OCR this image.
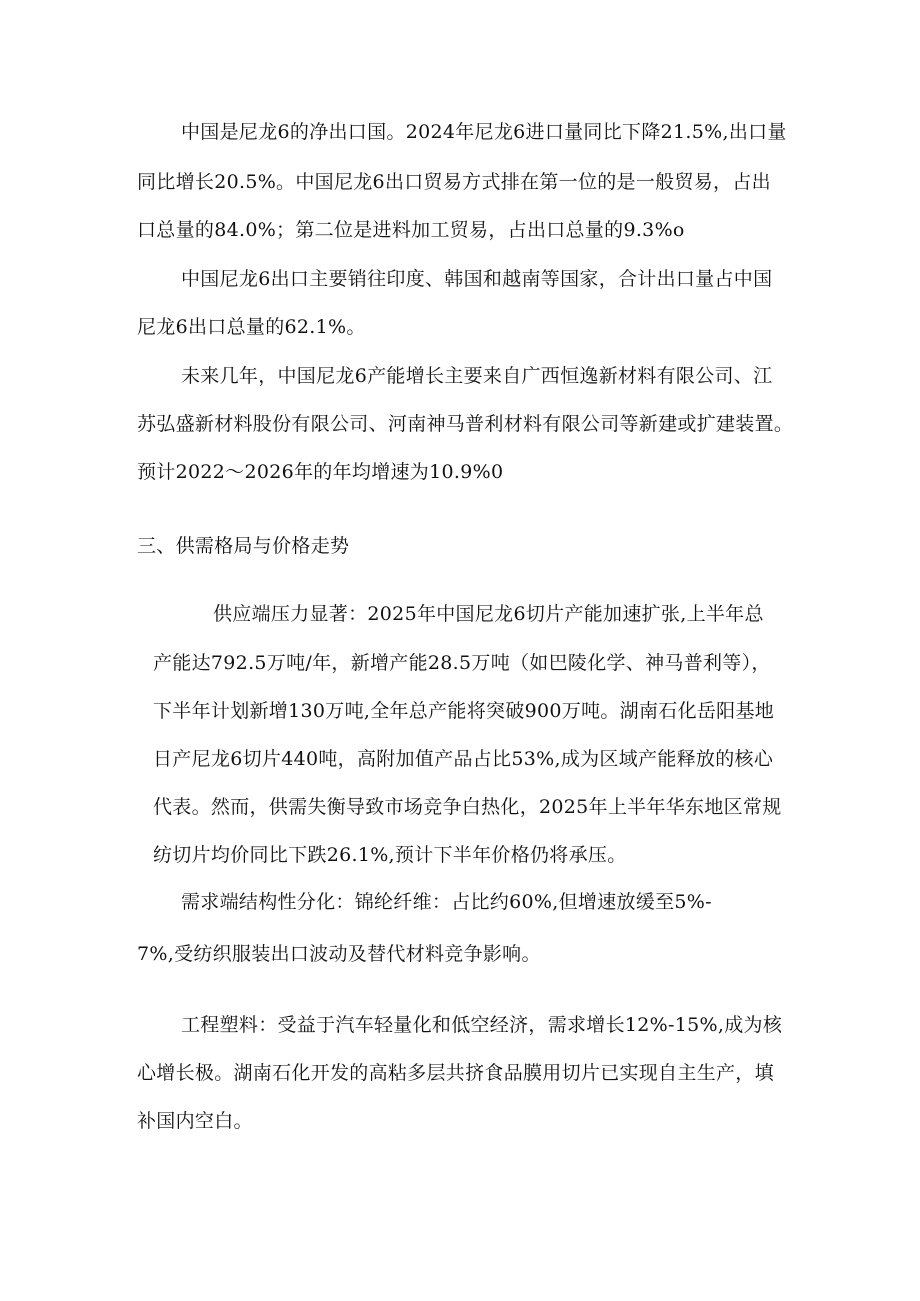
中国是尼龙6的净出口国。2024年尼龙6进口量同比下降21.5%,出口量
同比增长20.5%。中国尼龙6出口贸易方式排在第一位的是一般贸易，占出
口总量的84.0%；第二位是进料加工贸易，占出口总量的9.3%o
中国尼龙6出口主要销往印度、韩国和越南等国家，合计出口量占中国
尼龙6出口总量的62.1%。
未来几年，中国尼龙6产能增长主要来自广西恒逸新材料有限公司、江
苏弘盛新材料股份有限公司、河南神马普利材料有限公司等新建或扩建装置。
预计2022～2026年的年均增速为10.9%0
三、供需格局与价格走势
供应端压力显著：2025年中国尼龙6切片产能加速扩张,上半年总
产能达792.5万吨/年，新增产能28.5万吨（如巴陵化学、神马普利等），
下半年计划新增130万吨,全年总产能将突破900万吨。湖南石化岳阳基地
日产尼龙6切片440吨，高附加值产品占比53%,成为区域产能释放的核心
代表。然而，供需失衡导致市场竞争白热化，2025年上半年华东地区常规
纺切片均价同比下跌26.1%,预计下半年价格仍将承压。
需求端结构性分化：锦纶纤维：占比约60%,但增速放缓至5%-
7%,受纺织服装出口波动及替代材料竞争影响。
工程塑料：受益于汽车轻量化和低空经济，需求增长12%-15%,成为核
心增长极。湖南石化开发的高粘多层共挤食品膜用切片已实现自主生产，填
补国内空白。
